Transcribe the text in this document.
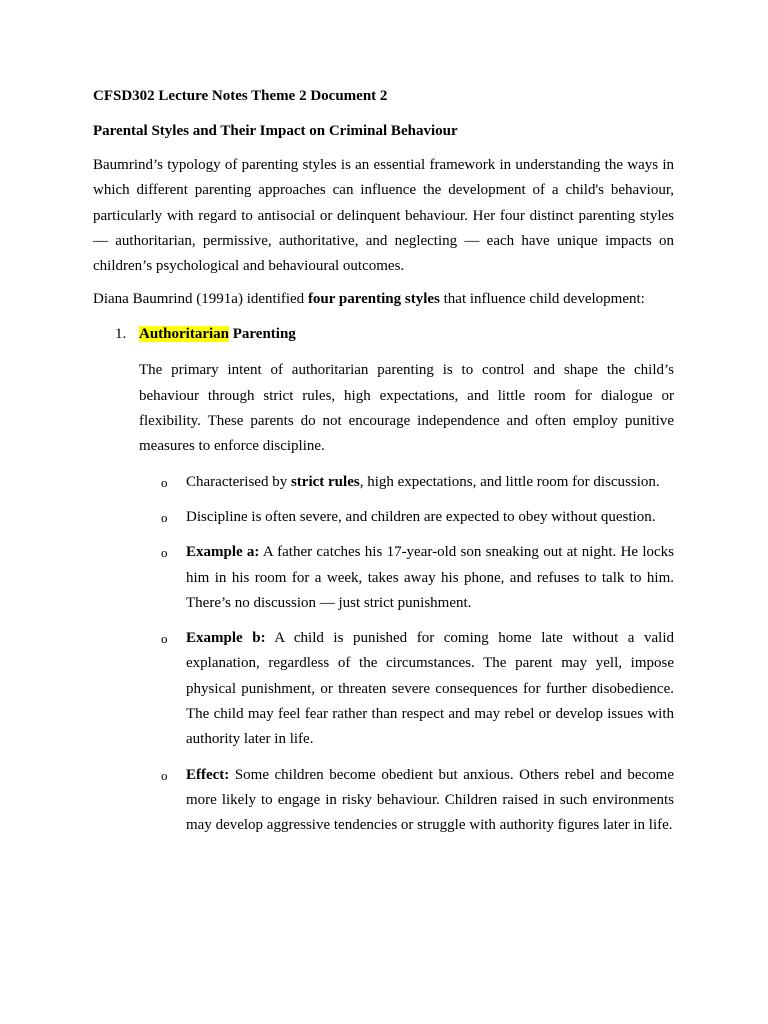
CFSD302 Lecture Notes Theme 2 Document 2
Parental Styles and Their Impact on Criminal Behaviour
Baumrind’s typology of parenting styles is an essential framework in understanding the ways in which different parenting approaches can influence the development of a child's behaviour, particularly with regard to antisocial or delinquent behaviour. Her four distinct parenting styles — authoritarian, permissive, authoritative, and neglecting — each have unique impacts on children’s psychological and behavioural outcomes.
Diana Baumrind (1991a) identified four parenting styles that influence child development:
1. Authoritarian Parenting
The primary intent of authoritarian parenting is to control and shape the child’s behaviour through strict rules, high expectations, and little room for dialogue or flexibility. These parents do not encourage independence and often employ punitive measures to enforce discipline.
o Characterised by strict rules, high expectations, and little room for discussion.
o Discipline is often severe, and children are expected to obey without question.
o Example a: A father catches his 17-year-old son sneaking out at night. He locks him in his room for a week, takes away his phone, and refuses to talk to him. There’s no discussion — just strict punishment.
o Example b: A child is punished for coming home late without a valid explanation, regardless of the circumstances. The parent may yell, impose physical punishment, or threaten severe consequences for further disobedience. The child may feel fear rather than respect and may rebel or develop issues with authority later in life.
o Effect: Some children become obedient but anxious. Others rebel and become more likely to engage in risky behaviour. Children raised in such environments may develop aggressive tendencies or struggle with authority figures later in life.
